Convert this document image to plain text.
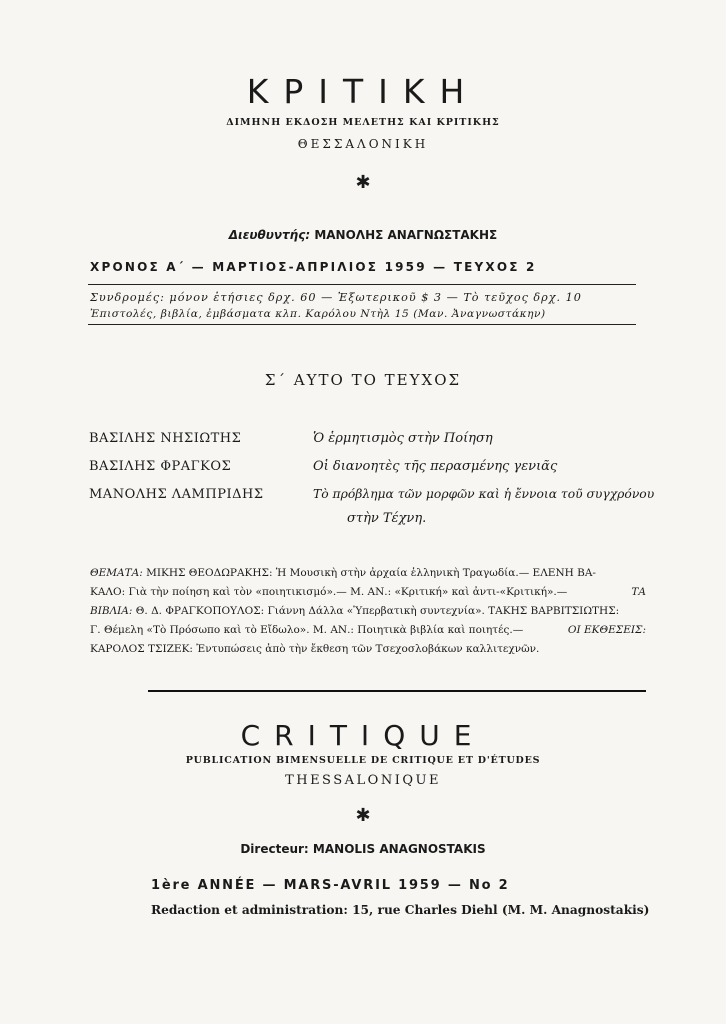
ΚΡΙΤΙΚΗ
ΔΙΜΗΝΗ ΕΚΔΟΣΗ ΜΕΛΕΤΗΣ ΚΑΙ ΚΡΙΤΙΚΗΣ
ΘΕΣΣΑΛΟΝΙΚΗ
✱
Διευθυντής: ΜΑΝΟΛΗΣ ΑΝΑΓΝΩΣΤΑΚΗΣ
ΧΡΟΝΟΣ Α΄ — ΜΑΡΤΙΟΣ-ΑΠΡΙΛΙΟΣ 1959 — ΤΕΥΧΟΣ 2
Συνδρομές: μόνον ἐτήσιες δρχ. 60 — Ἐξωτερικοῦ $ 3 — Τὸ τεῦχος δρχ. 10
Ἐπιστολές, βιβλία, ἐμβάσματα κλπ. Καρόλου Ντὴλ 15 (Μαν. Ἀναγνωστάκην)
Σ΄ ΑΥΤΟ ΤΟ ΤΕΥΧΟΣ
ΒΑΣΙΛΗΣ ΝΗΣΙΩΤΗΣ	Ὁ ἑρμητισμὸς στὴν Ποίηση
ΒΑΣΙΛΗΣ ΦΡΑΓΚΟΣ	Οἱ διανοητὲς τῆς περασμένης γενιᾶς
ΜΑΝΟΛΗΣ ΛΑΜΠΡΙΔΗΣ	Τὸ πρόβλημα τῶν μορφῶν καὶ ἡ ἔννοια τοῦ συγχρόνου
στὴν Τέχνη.
ΘΕΜΑΤΑ: ΜΙΚΗΣ ΘΕΟΔΩΡΑΚΗΣ: Ἡ Μουσικὴ στὴν ἀρχαία ἑλληνικὴ Τραγωδία.— ΕΛΕΝΗ ΒΑ-
ΚΑΛΟ: Γιὰ τὴν ποίηση καὶ τὸν «ποιητικισμό».— Μ. ΑΝ.: «Κριτική» καὶ ἀντι-«Κριτική».—	ΤΑ
ΒΙΒΛΙΑ: Θ. Δ. ΦΡΑΓΚΟΠΟΥΛΟΣ: Γιάννη Δάλλα «Ὑπερβατικὴ συντεχνία». ΤΑΚΗΣ ΒΑΡΒΙΤΣΙΩΤΗΣ:
Γ. Θέμελη «Τὸ Πρόσωπο καὶ τὸ Εἴδωλο». Μ. ΑΝ.: Ποιητικὰ βιβλία καὶ ποιητές.—	ΟΙ ΕΚΘΕΣΕΙΣ:
ΚΑΡΟΛΟΣ ΤΣΙΖΕΚ: Ἐντυπώσεις ἀπὸ τὴν ἔκθεση τῶν Τσεχοσλοβάκων καλλιτεχνῶν.
CRITIQUE
PUBLICATION BIMENSUELLE DE CRITIQUE ET D'ÉTUDES
THESSALONIQUE
✱
Directeur: MANOLIS ANAGNOSTAKIS
1ère ANNÉE — MARS-AVRIL 1959 — No 2
Redaction et administration: 15, rue Charles Diehl (M. M. Anagnostakis)
